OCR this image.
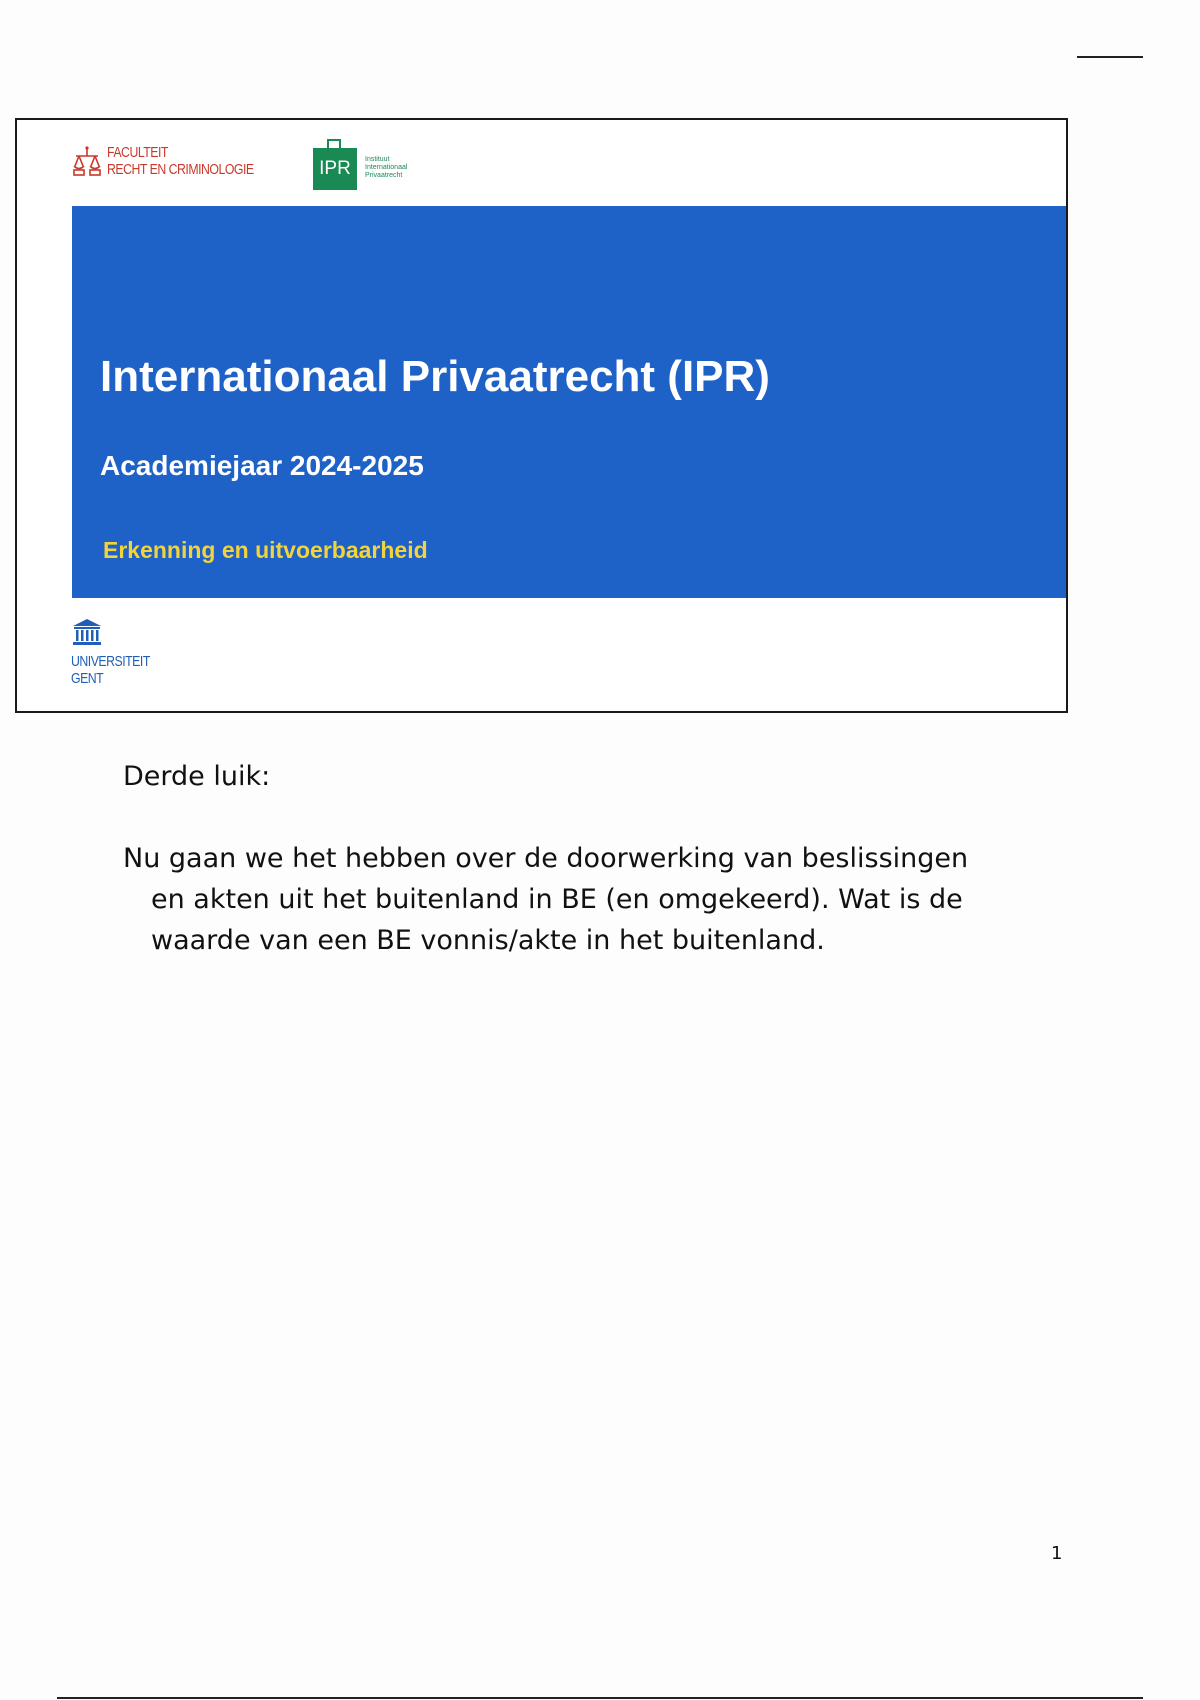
FACULTEIT
RECHT EN CRIMINOLOGIE	IPR Instituut
Internationaal
Privaatrecht
Internationaal Privaatrecht (IPR)
Academiejaar 2024-2025
Erkenning en uitvoerbaarheid
UNIVERSITEIT
GENT

Derde luik:

Nu gaan we het hebben over de doorwerking van beslissingen en akten uit het buitenland in BE (en omgekeerd). Wat is de waarde van een BE vonnis/akte in het buitenland.

1
